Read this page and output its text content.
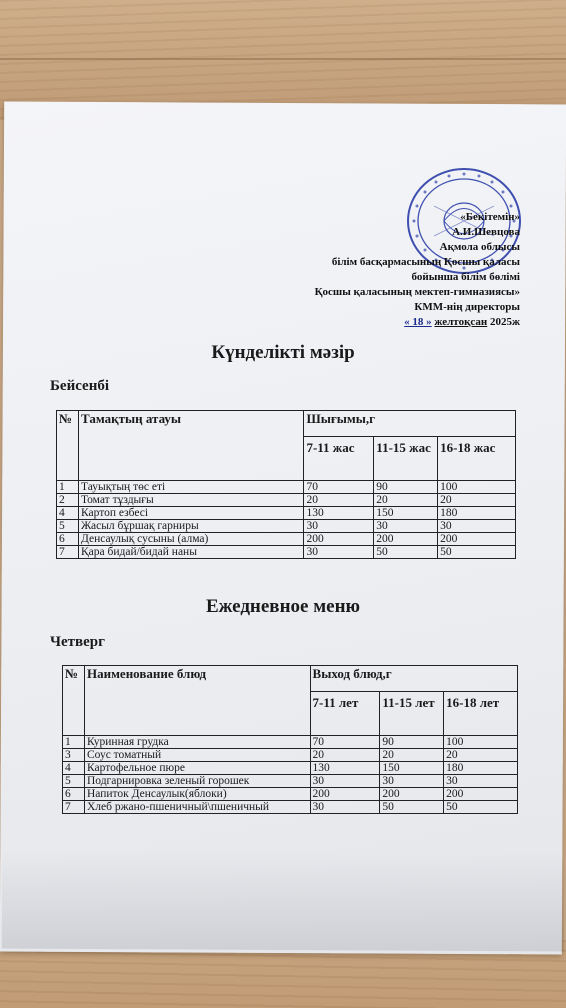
«Бекітемін»
А.И.Шевцова
Ақмола облысы
білім басқармасының Қосшы қаласы
бойынша білім бөлімі
Қосшы қаласының мектеп-гимназиясы»
КММ-нің директоры
« 18 » желтоқсан 2025ж
Күнделікті мәзір
Бейсенбі
№	Тамақтың атауы	Шығымы,г		
		7-11 жас	11-15 жас	16-18 жас
1	Тауықтың төс еті	70	90	100
2	Томат тұздығы	20	20	20
4	Картоп езбесі	130	150	180
5	Жасыл бұршақ гарниры	30	30	30
6	Денсаулық сусыны (алма)	200	200	200
7	Қара бидай/бидай наны	30	50	50
Ежедневное меню
Четверг
№	Наименование блюд	Выход блюд,г		
		7-11 лет	11-15 лет	16-18 лет
1	Куринная грудка	70	90	100
3	Соус томатный	20	20	20
4	Картофельное пюре	130	150	180
5	Подгарнировка зеленый горошек	30	30	30
6	Напиток Денсаулык(яблоки)	200	200	200
7	Хлеб ржано-пшеничный\пшеничный	30	50	50
